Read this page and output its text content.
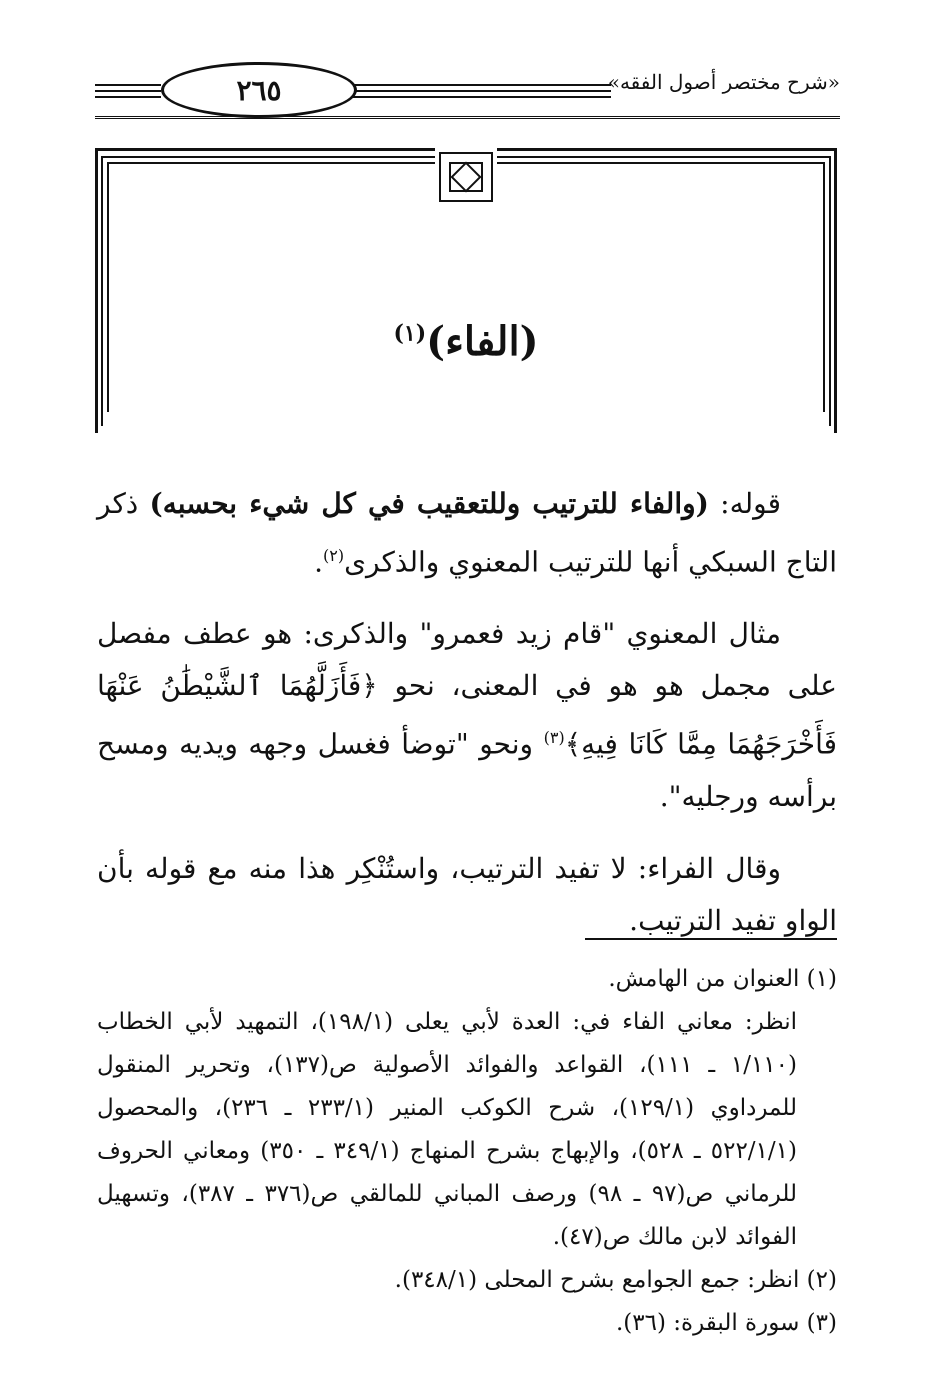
٢٦٥	«شرح مختصر أصول الفقه»
(الفاء)$^{(١)}$

قوله: (والفاء للترتيب وللتعقيب في كل شيء بحسبه) ذكر التاج السبكي أنها للترتيب المعنوي والذكرى$^{(٢)}$.

مثال المعنوي "قام زيد فعمرو" والذكرى: هو عطف مفصل على مجمل هو هو في المعنى، نحو ﴿فَأَزَلَّهُمَا ٱلشَّيْطَٰنُ عَنْهَا فَأَخْرَجَهُمَا مِمَّا كَانَا فِيهِ﴾$^{(٣)}$ ونحو "توضأ فغسل وجهه ويديه ومسح برأسه ورجليه".

وقال الفراء: لا تفيد الترتيب، واستُنْكِر هذا منه مع قوله بأن الواو تفيد الترتيب.

(١) العنوان من الهامش.

انظر: معاني الفاء في: العدة لأبي يعلى (١٩٨/١)، التمهيد لأبي الخطاب (١/١١٠ ـ ١١١)، القواعد والفوائد الأصولية ص(١٣٧)، وتحرير المنقول للمرداوي (١٢٩/١)، شرح الكوكب المنير (٢٣٣/١ ـ ٢٣٦)، والمحصول (٥٢٢/١/١ ـ ٥٢٨)، والإبهاج بشرح المنهاج (٣٤٩/١ ـ ٣٥٠) ومعاني الحروف للرماني ص(٩٧ ـ ٩٨) ورصف المباني للمالقي ص(٣٧٦ ـ ٣٨٧)، وتسهيل الفوائد لابن مالك ص(٤٧).

(٢) انظر: جمع الجوامع بشرح المحلى (٣٤٨/١).

(٣) سورة البقرة: (٣٦).
